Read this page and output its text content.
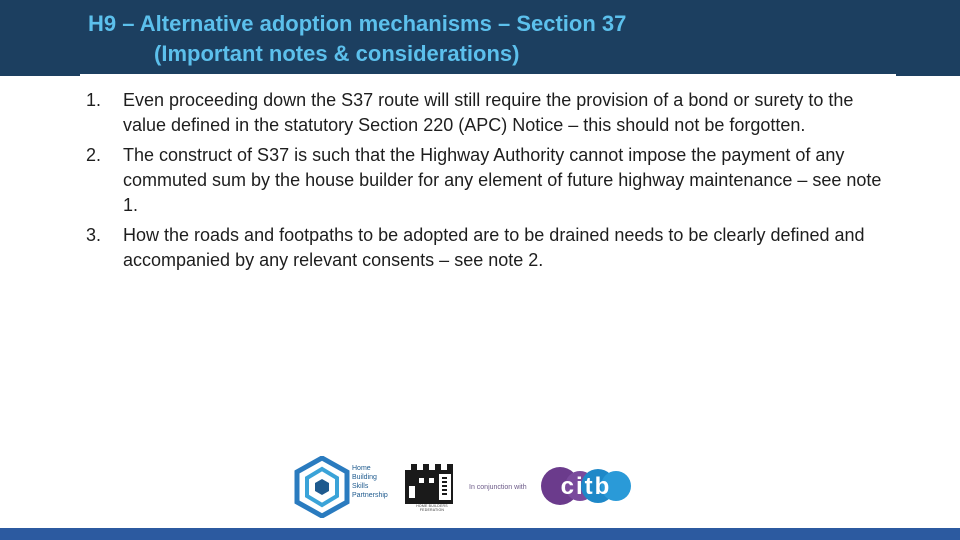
H9 – Alternative adoption mechanisms – Section 37
(Important notes & considerations)
1. Even proceeding down the S37 route will still require the provision of a bond or surety to the value defined in the statutory Section 220 (APC) Notice – this should not be forgotten.
2. The construct of S37 is such that the Highway Authority cannot impose the payment of any commuted sum by the house builder for any element of future highway maintenance – see note 1.
3. How the roads and footpaths to be adopted are to be drained needs to be clearly defined and accompanied by any relevant consents – see note 2.
Home
Building
Skills
Partnership
HOME BUILDERS FEDERATION
In conjunction with citb
